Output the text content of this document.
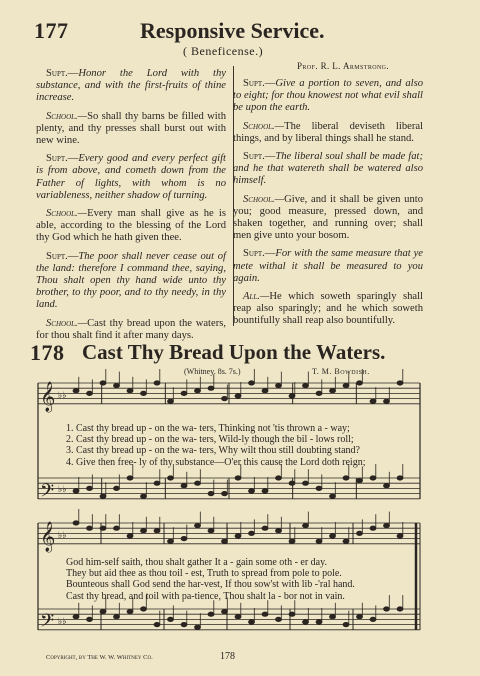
177	Responsive Service.
( Beneficense.)
Prof. R. L. Armstrong.

Supt.—Honor the Lord with thy substance, and with the first-fruits of thine increase.

School.—So shall thy barns be filled with plenty, and thy presses shall burst out with new wine.

Supt.—Every good and every perfect gift is from above, and cometh down from the Father of lights, with whom is no variableness, neither shadow of turning.

School.—Every man shall give as he is able, according to the blessing of the Lord thy God which he hath given thee.

Supt.—The poor shall never cease out of the land: therefore I command thee, saying, Thou shalt open thy hand wide unto thy brother, to thy poor, and to thy needy, in thy land.

School.—Cast thy bread upon the waters, for thou shalt find it after many days.

Supt.—Give a portion to seven, and also to eight; for thou knowest not what evil shall be upon the earth.

School.—The liberal deviseth liberal things, and by liberal things shall he stand.

Supt.—The liberal soul shall be made fat; and he that watereth shall be watered also himself.

School.—Give, and it shall be given unto you; good measure, pressed down, and shaken together, and running over; shall men give unto your bosom.

Supt.—For with the same measure that ye mete withal it shall be measured to you again.

All.—He which soweth sparingly shall reap also sparingly; and he which soweth bountifully shall reap also bountifully.

178 Cast Thy Bread Upon the Waters.
(Whitney. 8s. 7s.)	T. M. Bowdish.
𝄞
𝄢
𝄞
𝄢
♭♭
♭♭
♭♭
♭♭
1. Cast thy bread up - on the wa- ters, Thinking not 'tis thrown a - way;
2. Cast thy bread up - on the wa- ters, Wild-ly though the bil - lows roll;
3. Cast thy bread up - on the wa- ters, Why wilt thou still doubting stand?
4. Give then free- ly of thy substance—O'er this cause the Lord doth reign;
God him-self saith, thou shalt gather It a - gain some oth - er day.
They but aid thee as thou toil - est, Truth to spread from pole to pole.
Bounteous shall God send the har-vest, If thou sow'st with lib -'ral hand.
Cast thy bread, and toil with pa-tience, Thou shalt la - bor not in vain.
Copyright, by The W. W. Whitney Co.	178
